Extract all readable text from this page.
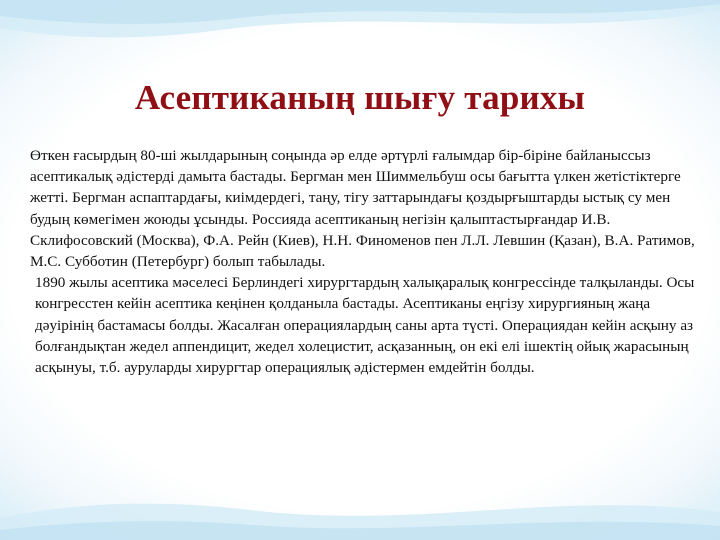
Асептиканың шығу тарихы

Өткен ғасырдың 80-ші жылдарының соңында әр елде әртүрлі ғалымдар бір-біріне байланыссыз асептикалық әдістерді дамыта бастады. Бергман мен Шиммельбуш осы бағытта үлкен жетістіктерге жетті. Бергман аспаптардағы, киімдердегі, таңу, тігу заттарындағы қоздырғыштарды ыстық су мен будың көмегімен жоюды ұсынды. Россияда асептиканың негізін қалыптастырғандар И.В. Склифосовский (Москва), Ф.А. Рейн (Киев), Н.Н. Финоменов пен Л.Л. Левшин (Қазан), В.А. Ратимов, М.С. Субботин (Петербург) болып табылады.

1890 жылы асептика мәселесі Берлиндегі хирургтардың халықаралық конгрессінде талқыланды. Осы конгресстен кейін асептика кеңінен қолданыла бастады. Асептиканы еңгізу хирургияның жаңа дәуірінің бастамасы болды. Жасалған операциялардың саны арта түсті. Операциядан кейін асқыну аз болғандықтан жедел аппендицит, жедел холецистит, асқазанның, он екі елі ішектің ойық жарасының асқынуы, т.б. ауруларды хирургтар операциялық әдістермен емдейтін болды.
